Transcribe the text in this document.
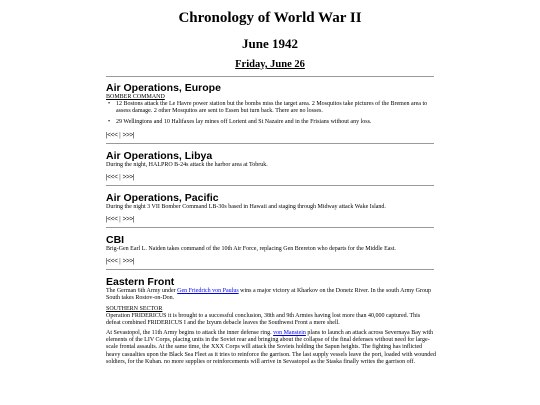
Chronology of World War II
June 1942
Friday, June 26
Air Operations, Europe
BOMBER COMMAND
• 12 Bostons attack the Le Havre power station but the bombs miss the target area. 2 Mosquitos take pictures of the Bremen area to assess damage. 2 other Mosquitos are sent to Essen but turn back. There are no losses.
• 29 Wellingtons and 10 Halifaxes lay mines off Lorient and St Nazaire and in the Frisians without any loss.
|<<< | >>>|
Air Operations, Libya
During the night, HALPRO B-24s attack the harbor area at Tobruk.
|<<< | >>>|
Air Operations, Pacific
During the night 3 VII Bomber Command LB-30s based in Hawaii and staging through Midway attack Wake Island.
|<<< | >>>|
CBI
Brig-Gen Earl L. Naiden takes command of the 10th Air Force, replacing Gen Brereton who departs for the Middle East.
|<<< | >>>|
Eastern Front
The German 6th Army under Gen Friedrich von Paulus wins a major victory at Kharkov on the Donetz River. In the south Army Group South takes Rostov-on-Don.
SOUTHERN SECTOR
Operation FRIDERICUS it is brought to a successful conclusion, 38th and 9th Armies having lost more than 40,000 captured. This defeat combined FRIDERICUS I and the Izyum debacle leaves the Southwest Front a mere shell.
At Sevastopol, the 11th Army begins to attack the inner defense ring. von Manstein plans to launch an attack across Severnaya Bay with elements of the LIV Corps, placing units in the Soviet rear and bringing about the collapse of the final defenses without need for large-scale frontal assaults. At the same time, the XXX Corps will attack the Soviets holding the Sapun heights. The fighting has inflicted heavy casualties upon the Black Sea Fleet as it tries to reinforce the garrison. The last supply vessels leave the port, loaded with wounded soldiers, for the Kuban. no more supplies or reinforcements will arrive in Sevastopol as the Staska finally writes the garrison off.
